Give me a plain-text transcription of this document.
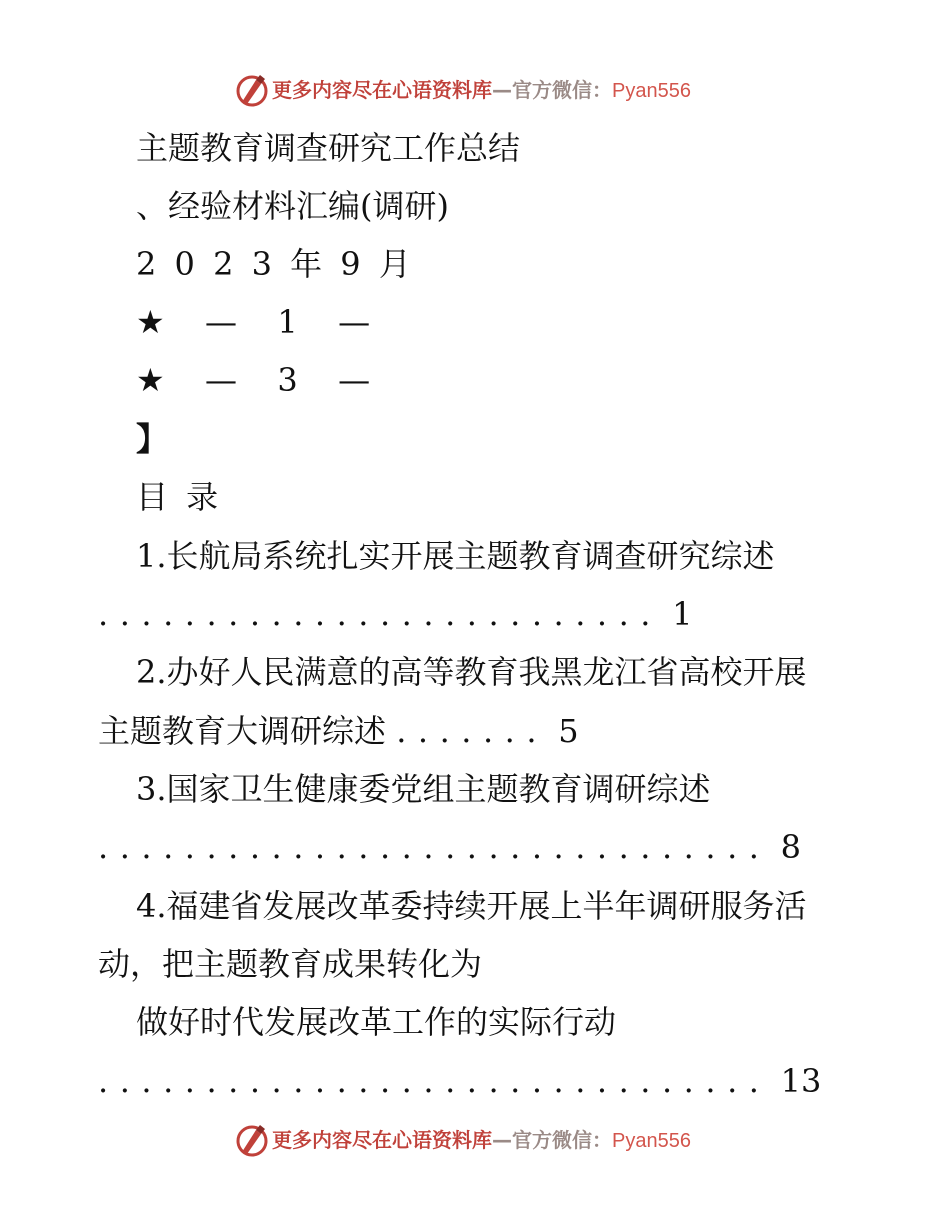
更多内容尽在心语资料库—官方微信：Pyan556
主题教育调查研究工作总结
、经验材料汇编(调研)
2 0 2 3 年 9 月
★  —  1  —
★  —  3  —
】
目 录
1.长航局系统扎实开展主题教育调查研究综述
.......................... 1
2.办好人民满意的高等教育我黑龙江省高校开展
主题教育大调研综述 ....... 5
3.国家卫生健康委党组主题教育调研综述
............................... 8
4.福建省发展改革委持续开展上半年调研服务活
动，把主题教育成果转化为
做好时代发展改革工作的实际行动
............................... 13
更多内容尽在心语资料库—官方微信：Pyan556
